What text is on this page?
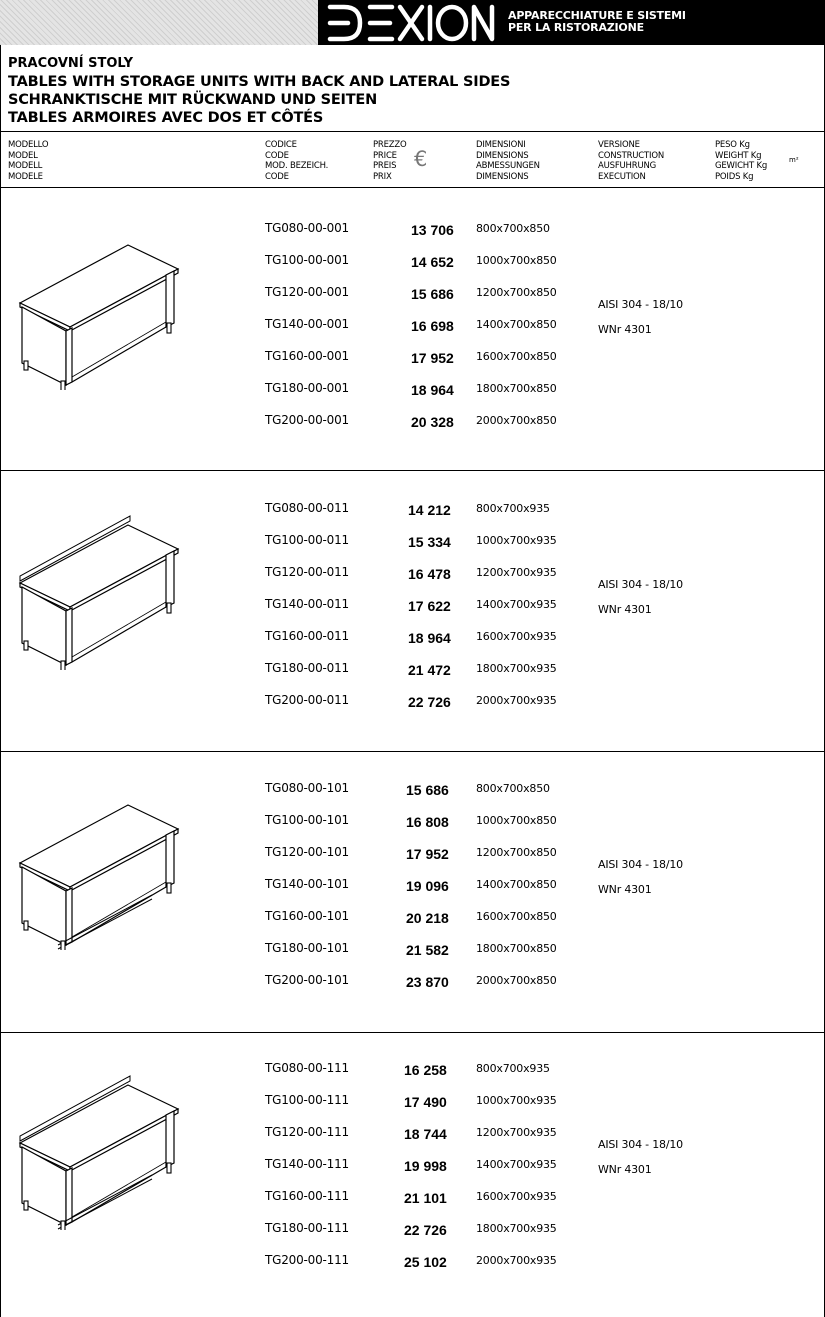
APPARECCHIATURE E SISTEMI
PER LA RISTORAZIONE
PRACOVNÍ STOLY
TABLES WITH STORAGE UNITS WITH BACK AND LATERAL SIDES
SCHRANKTISCHE MIT RÜCKWAND UND SEITEN
TABLES ARMOIRES AVEC DOS ET CÔTÉS
MODELLO
MODEL
MODELL
MODELE
CODICE
CODE
MOD. BEZEICH.
CODE
PREZZO
PRICE
PREIS
PRIX
€
DIMENSIONI
DIMENSIONS
ABMESSUNGEN
DIMENSIONS
VERSIONE
CONSTRUCTION
AUSFUHRUNG
EXECUTION
PESO Kg
WEIGHT Kg
GEWICHT Kg
POIDS Kg
m²
TG080-00-001	13 706 800x700x850
TG100-00-001	14 652 1000x700x850
TG120-00-001	15 686 1200x700x850
TG140-00-001	16 698 1400x700x850
TG160-00-001	17 952 1600x700x850
TG180-00-001	18 964 1800x700x850
TG200-00-001	20 328 2000x700x850
AISI 304 - 18/10
WNr 4301
TG080-00-011	14 212 800x700x935
TG100-00-011	15 334 1000x700x935
TG120-00-011	16 478 1200x700x935
TG140-00-011	17 622 1400x700x935
TG160-00-011	18 964 1600x700x935
TG180-00-011	21 472 1800x700x935
TG200-00-011	22 726 2000x700x935
AISI 304 - 18/10
WNr 4301
TG080-00-101	15 686 800x700x850
TG100-00-101	16 808 1000x700x850
TG120-00-101	17 952 1200x700x850
TG140-00-101	19 096 1400x700x850
TG160-00-101	20 218 1600x700x850
TG180-00-101	21 582 1800x700x850
TG200-00-101	23 870 2000x700x850
AISI 304 - 18/10
WNr 4301
TG080-00-111	16 258	800x700x935
TG100-00-111	17 490	1000x700x935
TG120-00-111	18 744	1200x700x935
TG140-00-111	19 998	1400x700x935
TG160-00-111	21 101	1600x700x935
TG180-00-111	22 726	1800x700x935
TG200-00-111	25 102	2000x700x935
AISI 304 - 18/10
WNr 4301
